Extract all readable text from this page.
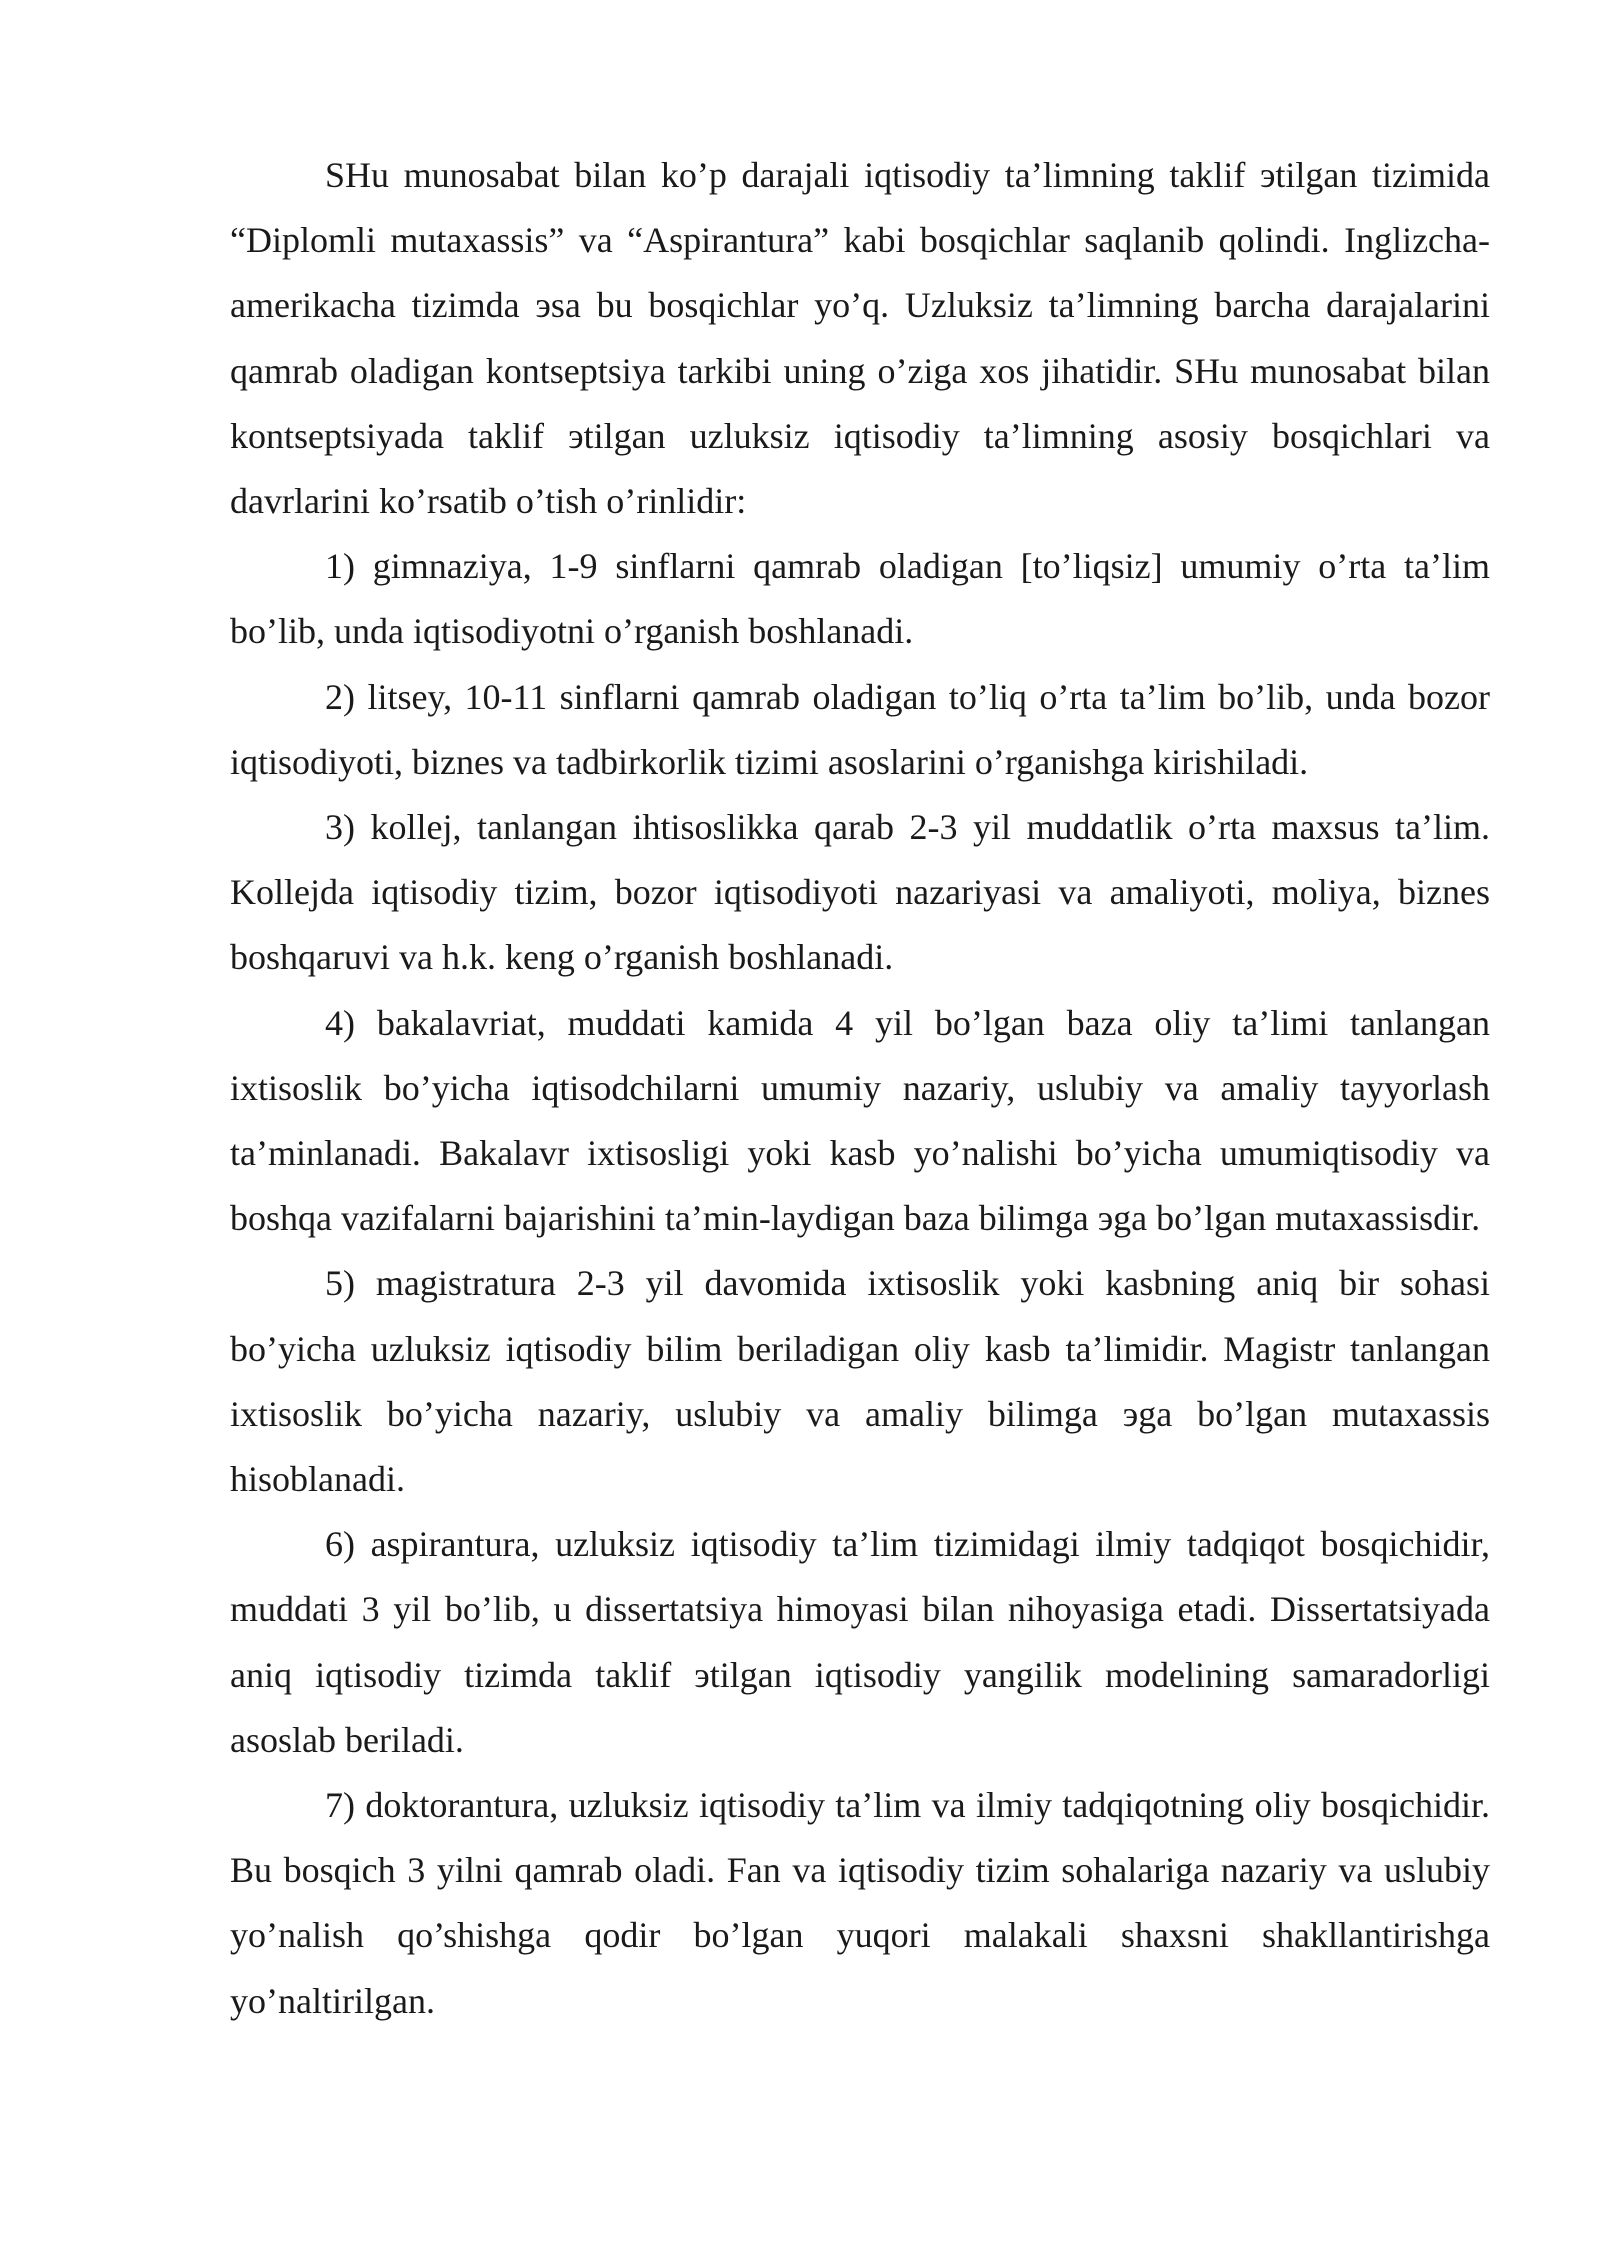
SHu munosabat bilan ko’p darajali iqtisodiy ta’limning taklif эtilgan tizimida “Diplomli mutaxassis” va “Aspirantura” kabi bosqichlar saqlanib qolindi. Inglizcha-amerikacha tizimda эsa bu bosqichlar yo’q. Uzluksiz ta’limning barcha darajalarini qamrab oladigan kontseptsiya tarkibi uning o’ziga xos jihatidir. SHu munosabat bilan kontseptsiyada taklif эtilgan uzluksiz iqtisodiy ta’limning asosiy bosqichlari va davrlarini ko’rsatib o’tish o’rinlidir:

1) gimnaziya, 1-9 sinflarni qamrab oladigan [to’liqsiz] umumiy o’rta ta’lim bo’lib, unda iqtisodiyotni o’rganish boshlanadi.

2) litsey, 10-11 sinflarni qamrab oladigan to’liq o’rta ta’lim bo’lib, unda bozor iqtisodiyoti, biznes va tadbirkorlik tizimi asoslarini o’rganishga kirishiladi.

3) kollej, tanlangan ihtisoslikka qarab 2-3 yil muddatlik o’rta maxsus ta’lim. Kollejda iqtisodiy tizim, bozor iqtisodiyoti nazariyasi va amaliyoti, moliya, biznes boshqaruvi va h.k. keng o’rganish boshlanadi.

4) bakalavriat, muddati kamida 4 yil bo’lgan baza oliy ta’limi tanlangan ixtisoslik bo’yicha iqtisodchilarni umumiy nazariy, uslubiy va amaliy tayyorlash ta’minlanadi. Bakalavr ixtisosligi yoki kasb yo’nalishi bo’yicha umumiqtisodiy va boshqa vazifalarni bajarishini ta’min-laydigan baza bilimga эga bo’lgan mutaxassisdir.

5) magistratura 2-3 yil davomida ixtisoslik yoki kasbning aniq bir sohasi bo’yicha uzluksiz iqtisodiy bilim beriladigan oliy kasb ta’limidir. Magistr tanlangan ixtisoslik bo’yicha nazariy, uslubiy va amaliy bilimga эga bo’lgan mutaxassis hisoblanadi.

6) aspirantura, uzluksiz iqtisodiy ta’lim tizimidagi ilmiy tadqiqot bosqichidir, muddati 3 yil bo’lib, u dissertatsiya himoyasi bilan nihoyasiga etadi. Dissertatsiyada aniq iqtisodiy tizimda taklif эtilgan iqtisodiy yangilik modelining samaradorligi asoslab beriladi.

7) doktorantura, uzluksiz iqtisodiy ta’lim va ilmiy tadqiqotning oliy bosqichidir. Bu bosqich 3 yilni qamrab oladi. Fan va iqtisodiy tizim sohalariga nazariy va uslubiy yo’nalish qo’shishga qodir bo’lgan yuqori malakali shaxsni shakllantirishga yo’naltirilgan.
